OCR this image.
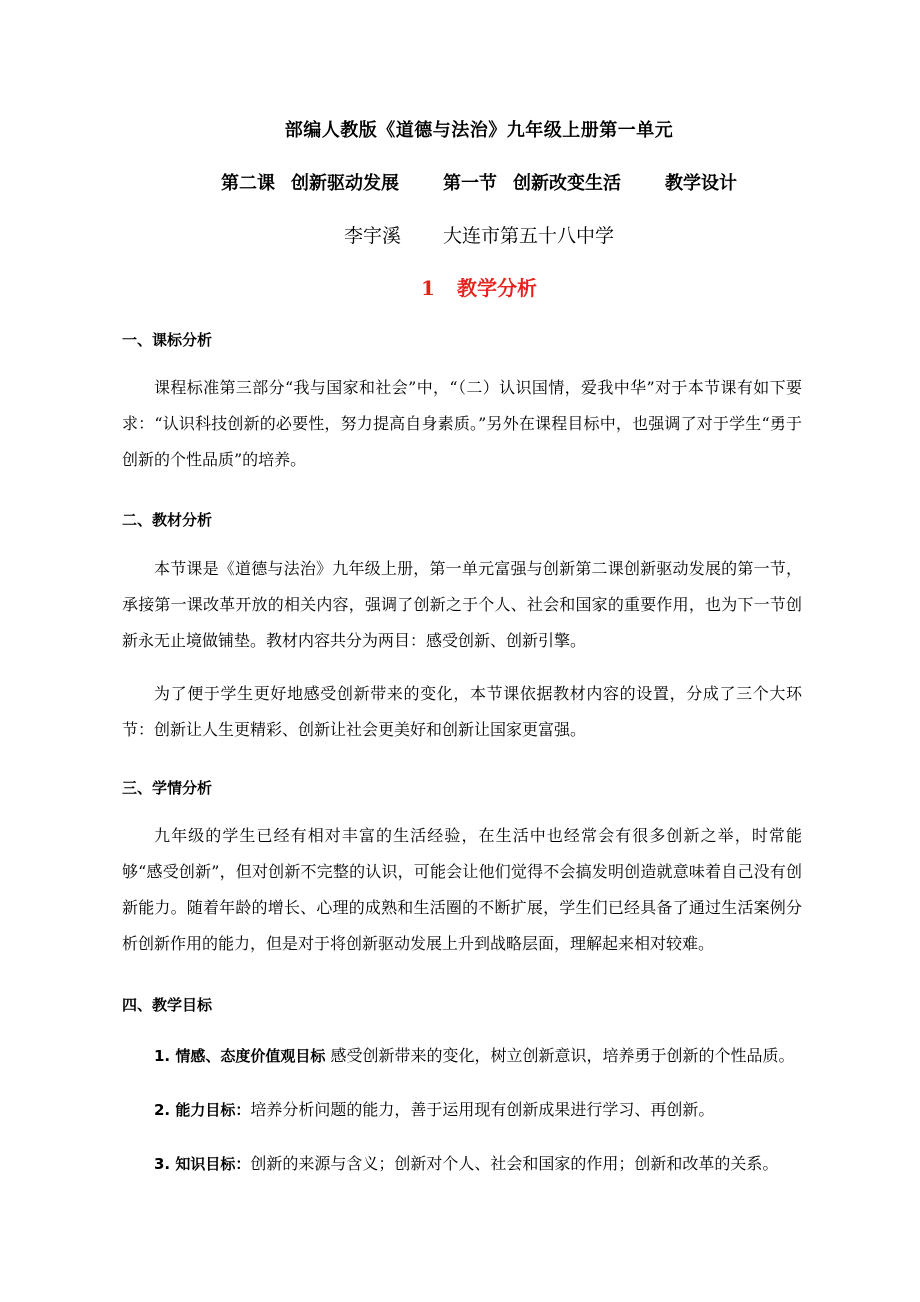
部编人教版《道德与法治》九年级上册第一单元
第二课 创新驱动发展 第一节 创新改变生活 教学设计
李宇溪 大连市第五十八中学
1 教学分析
一、课标分析
课程标准第三部分“我与国家和社会”中，“（二）认识国情，爱我中华”对于本节课有如下要求：“认识科技创新的必要性，努力提高自身素质。”另外在课程目标中，也强调了对于学生“勇于创新的个性品质”的培养。
二、教材分析
本节课是《道德与法治》九年级上册，第一单元富强与创新第二课创新驱动发展的第一节，承接第一课改革开放的相关内容，强调了创新之于个人、社会和国家的重要作用，也为下一节创新永无止境做铺垫。教材内容共分为两目：感受创新、创新引擎。
为了便于学生更好地感受创新带来的变化，本节课依据教材内容的设置，分成了三个大环节：创新让人生更精彩、创新让社会更美好和创新让国家更富强。
三、学情分析
九年级的学生已经有相对丰富的生活经验，在生活中也经常会有很多创新之举，时常能够“感受创新”，但对创新不完整的认识，可能会让他们觉得不会搞发明创造就意味着自己没有创新能力。随着年龄的增长、心理的成熟和生活圈的不断扩展，学生们已经具备了通过生活案例分析创新作用的能力，但是对于将创新驱动发展上升到战略层面，理解起来相对较难。
四、教学目标
1. 情感、态度价值观目标 感受创新带来的变化，树立创新意识，培养勇于创新的个性品质。
2. 能力目标：培养分析问题的能力，善于运用现有创新成果进行学习、再创新。
3. 知识目标：创新的来源与含义；创新对个人、社会和国家的作用；创新和改革的关系。
